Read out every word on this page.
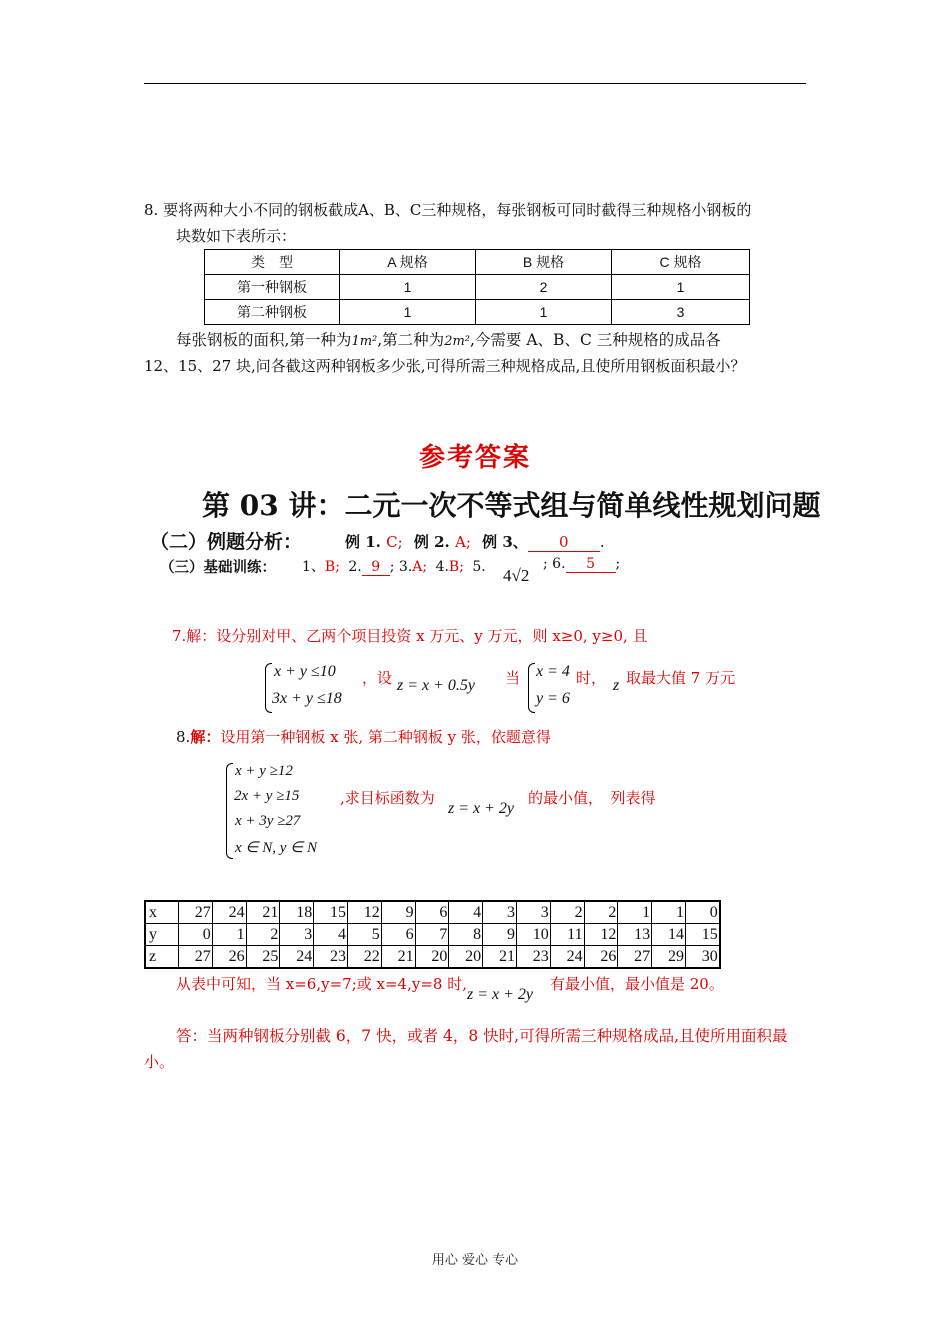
8. 要将两种大小不同的钢板截成A、B、C三种规格，每张钢板可同时截得三种规格小钢板的
块数如下表所示：
类　型	A 规格	B 规格	C 规格
第一种钢板	1	2	1
第二种钢板	1	1	3
每张钢板的面积,第一种为1m²,第二种为2m²,今需要 A、B、C 三种规格的成品各
12、15、27 块,问各截这两种钢板多少张,可得所需三种规格成品,且使所用钢板面积最小？
参考答案
第 03 讲：二元一次不等式组与简单线性规划问题
（二）例题分析：	例 1. C; 例 2. A; 例 3、 0 .
（三）基础训练： 1、B; 2. 9 ; 3.A; 4.B; 5. 4√2
; 6. 5 ;
7.解：设分别对甲、乙两个项目投资 x 万元、y 万元，则 x≥0, y≥0, 且
x + y ≤10
3x + y ≤18
，设 z = x + 0.5y 当 x = 4
y = 6
时， z 取最大值 7 万元
8.解：设用第一种钢板 x 张, 第二种钢板 y 张，依题意得
x + y ≥12
2x + y ≥15
x + 3y ≥27
x ∈ N, y ∈ N
,求目标函数为
z = x + 2y
的最小值，　列表得
x	27	24	21	18	15	12	9	6	4	3	3	2	2	1	1	0
y	0	1	2	3	4	5	6	7	8	9	10	11	12	13	14	15
z	27	26	25	24	23	22	21	20	20	21	23	24	26	27	29	30
从表中可知，当 x=6,y=7;或 x=4,y=8 时,
z = x + 2y
有最小值，最小值是 20。
答：当两种钢板分别截 6，7 快，或者 4，8 快时,可得所需三种规格成品,且使所用面积最
小。
用心 爱心 专心
